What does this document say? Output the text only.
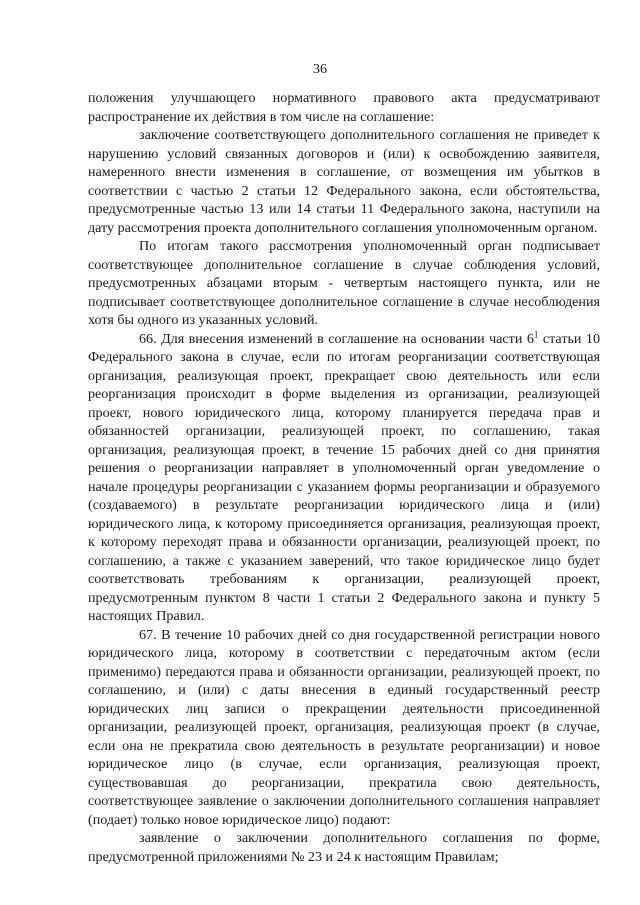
36

положения улучшающего нормативного правового акта предусматривают распространение их действия в том числе на соглашение:

заключение соответствующего дополнительного соглашения не приведет к нарушению условий связанных договоров и (или) к освобождению заявителя, намеренного внести изменения в соглашение, от возмещения им убытков в соответствии с частью 2 статьи 12 Федерального закона, если обстоятельства, предусмотренные частью 13 или 14 статьи 11 Федерального закона, наступили на дату рассмотрения проекта дополнительного соглашения уполномоченным органом.

По итогам такого рассмотрения уполномоченный орган подписывает соответствующее дополнительное соглашение в случае соблюдения условий, предусмотренных абзацами вторым - четвертым настоящего пункта, или не подписывает соответствующее дополнительное соглашение в случае несоблюдения хотя бы одного из указанных условий.

66. Для внесения изменений в соглашение на основании части $6^1$ статьи 10 Федерального закона в случае, если по итогам реорганизации соответствующая организация, реализующая проект, прекращает свою деятельность или если реорганизация происходит в форме выделения из организации, реализующей проект, нового юридического лица, которому планируется передача прав и обязанностей организации, реализующей проект, по соглашению, такая организация, реализующая проект, в течение 15 рабочих дней со дня принятия решения о реорганизации направляет в уполномоченный орган уведомление о начале процедуры реорганизации с указанием формы реорганизации и образуемого (создаваемого) в результате реорганизации юридического лица и (или) юридического лица, к которому присоединяется организация, реализующая проект, к которому переходят права и обязанности организации, реализующей проект, по соглашению, а также с указанием заверений, что такое юридическое лицо будет соответствовать требованиям к организации, реализующей проект, предусмотренным пунктом 8 части 1 статьи 2 Федерального закона и пункту 5 настоящих Правил.

67. В течение 10 рабочих дней со дня государственной регистрации нового юридического лица, которому в соответствии с передаточным актом (если применимо) передаются права и обязанности организации, реализующей проект, по соглашению, и (или) с даты внесения в единый государственный реестр юридических лиц записи о прекращении деятельности присоединенной организации, реализующей проект, организация, реализующая проект (в случае, если она не прекратила свою деятельность в результате реорганизации) и новое юридическое лицо (в случае, если организация, реализующая проект, существовавшая до реорганизации, прекратила свою деятельность, соответствующее заявление о заключении дополнительного соглашения направляет (подает) только новое юридическое лицо) подают:

заявление о заключении дополнительного соглашения по форме, предусмотренной приложениями № 23 и 24 к настоящим Правилам;
